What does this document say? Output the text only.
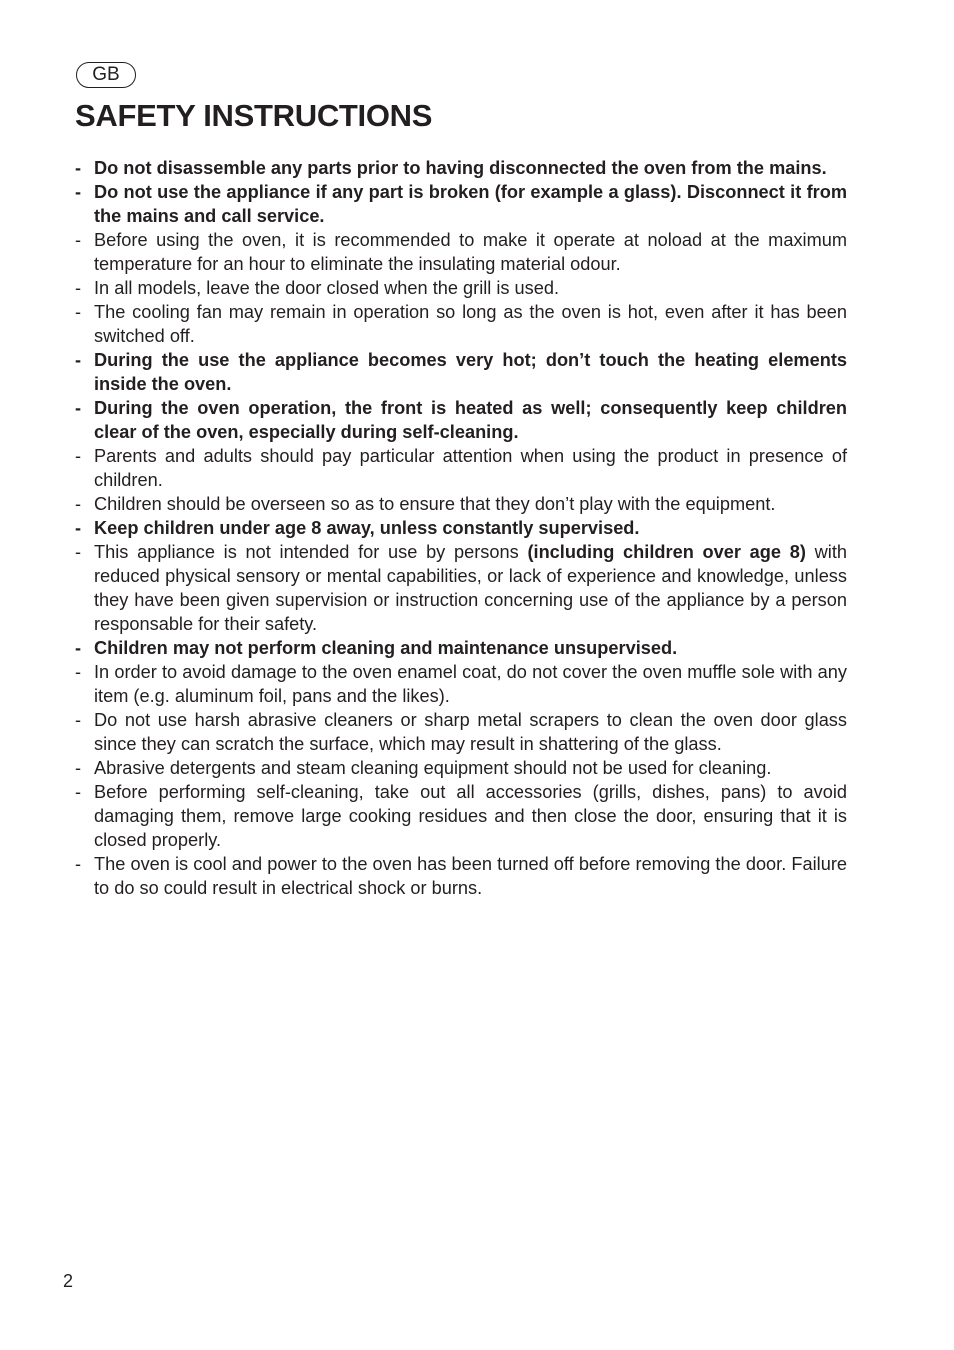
GB
SAFETY INSTRUCTIONS
- Do not disassemble any parts prior to having disconnected the oven from the mains.
- Do not use the appliance if any part is broken (for example a glass). Disconnect it from the mains and call service.
- Before using the oven, it is recommended to make it operate at noload at the maximum temperature for an hour to eliminate the insulating material odour.
- In all models, leave the door closed when the grill is used.
- The cooling fan may remain in operation so long as the oven is hot, even after it has been switched off.
- During the use the appliance becomes very hot; don’t touch the heating elements inside the oven.
- During the oven operation, the front is heated as well; consequently keep children clear of the oven, especially during self-cleaning.
- Parents and adults should pay particular attention when using the product in presence of children.
- Children should be overseen so as to ensure that they don’t play with the equipment.
- Keep children under age 8 away, unless constantly supervised.
- This appliance is not intended for use by persons (including children over age 8) with reduced physical sensory or mental capabilities, or lack of experience and knowledge, unless they have been given supervision or instruction concerning use of the appliance by a person responsable for their safety.
- Children may not perform cleaning and maintenance unsupervised.
- In order to avoid damage to the oven enamel coat, do not cover the oven muffle sole with any item (e.g. aluminum foil, pans and the likes).
- Do not use harsh abrasive cleaners or sharp metal scrapers to clean the oven door glass since they can scratch the surface, which may result in shattering of the glass.
- Abrasive detergents and steam cleaning equipment should not be used for cleaning.
- Before performing self-cleaning, take out all accessories (grills, dishes, pans) to avoid damaging them, remove large cooking residues and then close the door, ensuring that it is closed properly.
- The oven is cool and power to the oven has been turned off before removing the door. Failure to do so could result in electrical shock or burns.
2
